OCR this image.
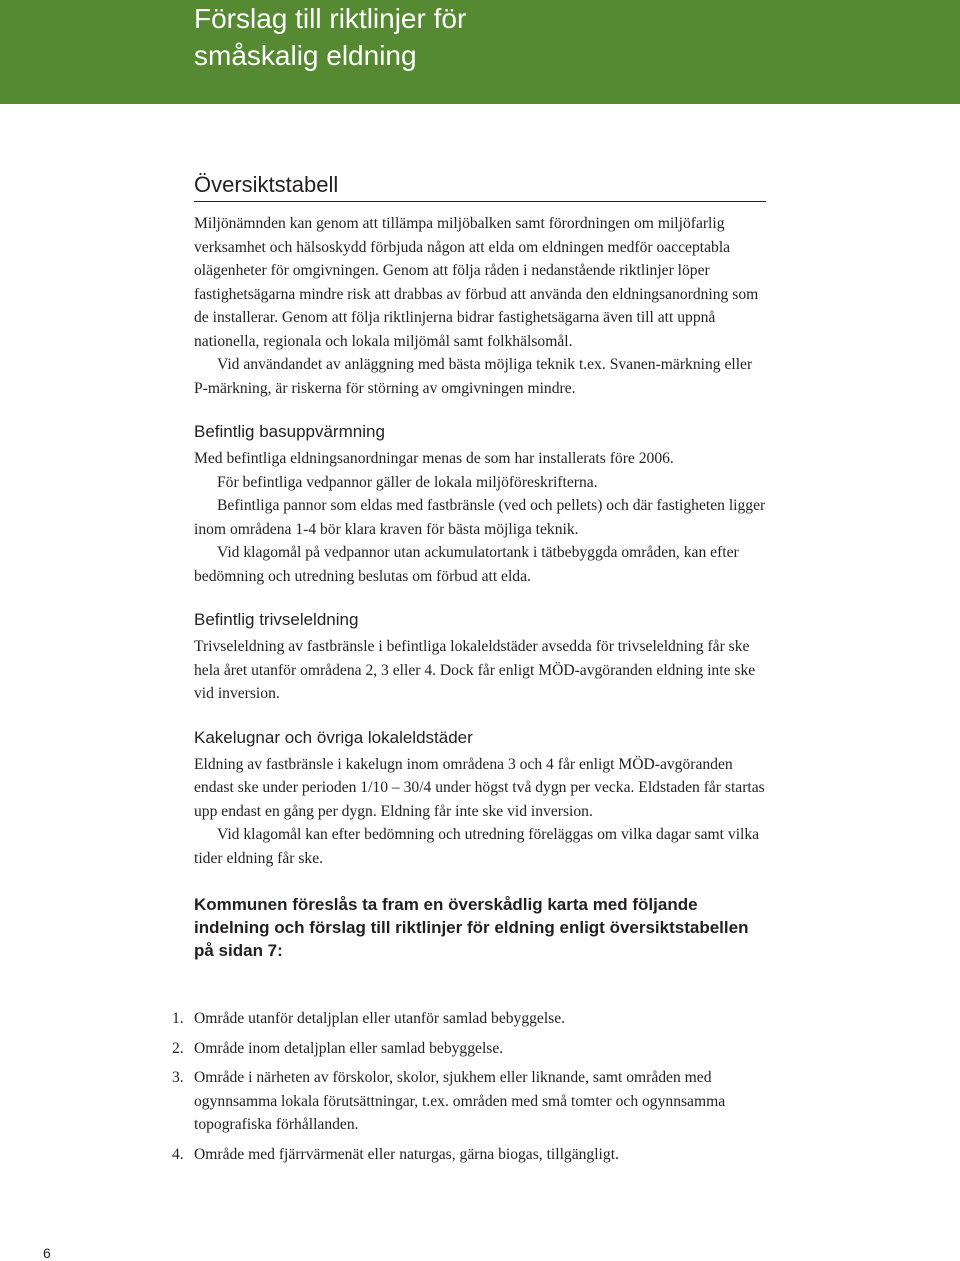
Förslag till riktlinjer för
småskalig eldning
Översiktstabell

Miljönämnden kan genom att tillämpa miljöbalken samt förordningen om miljöfarlig verksamhet och hälsoskydd förbjuda någon att elda om eldningen medför oacceptabla olägenheter för omgivningen. Genom att följa råden i nedanstående riktlinjer löper fastighetsägarna mindre risk att drabbas av förbud att använda den eldningsanordning som de installerar. Genom att följa riktlinjerna bidrar fastighetsägarna även till att uppnå nationella, regionala och lokala miljömål samt folkhälsomål.

Vid användandet av anläggning med bästa möjliga teknik t.ex. Svanen-märkning eller P-märkning, är riskerna för störning av omgivningen mindre.

Befintlig basuppvärmning

Med befintliga eldningsanordningar menas de som har installerats före 2006.

För befintliga vedpannor gäller de lokala miljöföreskrifterna.

Befintliga pannor som eldas med fastbränsle (ved och pellets) och där fastigheten ligger inom områdena 1-4 bör klara kraven för bästa möjliga teknik.

Vid klagomål på vedpannor utan ackumulatortank i tätbebyggda områden, kan efter bedömning och utredning beslutas om förbud att elda.

Befintlig trivseleldning

Trivseleldning av fastbränsle i befintliga lokaleldstäder avsedda för trivseleldning får ske hela året utanför områdena 2, 3 eller 4. Dock får enligt MÖD-avgöranden eldning inte ske vid inversion.

Kakelugnar och övriga lokaleldstäder

Eldning av fastbränsle i kakelugn inom områdena 3 och 4 får enligt MÖD-avgöranden endast ske under perioden 1/10 – 30/4 under högst två dygn per vecka. Eldstaden får startas upp endast en gång per dygn. Eldning får inte ske vid inversion.

Vid klagomål kan efter bedömning och utredning föreläggas om vilka dagar samt vilka tider eldning får ske.

Kommunen föreslås ta fram en överskådlig karta med följande indelning och förslag till riktlinjer för eldning enligt översiktstabellen på sidan 7:
1. Område utanför detaljplan eller utanför samlad bebyggelse.
2. Område inom detaljplan eller samlad bebyggelse.
3. Område i närheten av förskolor, skolor, sjukhem eller liknande, samt områden med ogynnsamma lokala förutsättningar, t.ex. områden med små tomter och ogynnsamma topografiska förhållanden.
4. Område med fjärrvärmenät eller naturgas, gärna biogas, tillgängligt.
6
